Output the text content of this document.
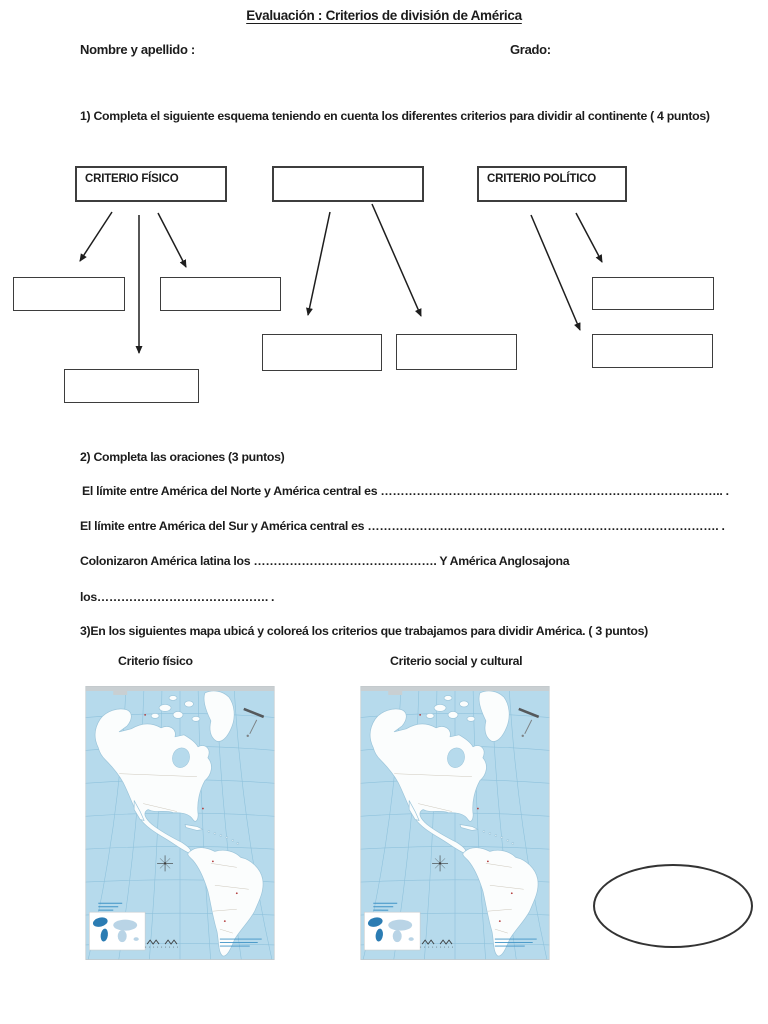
Evaluación : Criterios de división de América
Nombre y apellido :	Grado:
1) Completa el siguiente esquema teniendo en cuenta los diferentes criterios para dividir al continente ( 4 puntos)
CRITERIO FÍSICO	CRITERIO POLÍTICO
2) Completa las oraciones (3 puntos)
El límite entre América del Norte y América central es ………………………………………………………………………….. .
El límite entre América del Sur y América central es ……………………………………………………………………………. .
Colonizaron América latina los ………………………………………. Y América Anglosajona
los……………………………………. .
3)En los siguientes mapa ubicá y coloreá los criterios que trabajamos para dividir América. ( 3 puntos)
Criterio físico	Criterio social y cultural
